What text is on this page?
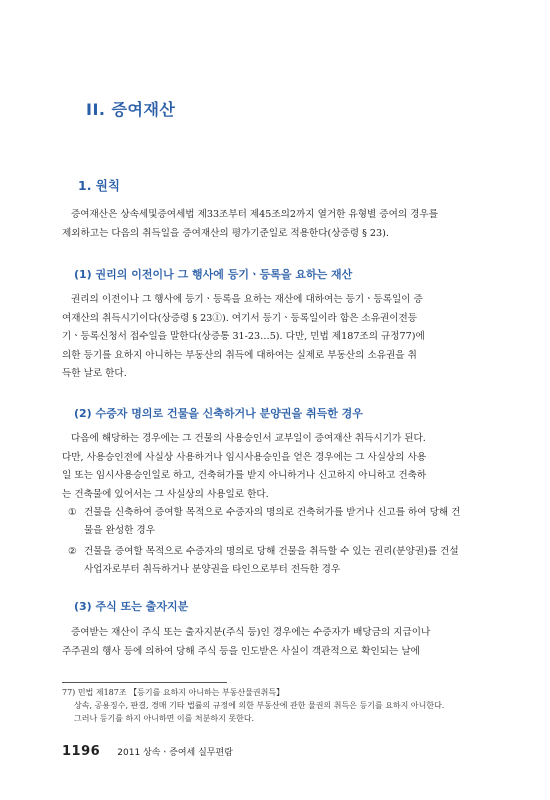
II. 증여재산
1. 원칙

증여재산은 상속세및증여세법 제33조부터 제45조의2까지 열거한 유형별 증여의 경우를
제외하고는 다음의 취득일을 증여재산의 평가기준일로 적용한다(상증령 § 23).

(1) 권리의 이전이나 그 행사에 등기ㆍ등록을 요하는 재산

권리의 이전이나 그 행사에 등기ㆍ등록을 요하는 재산에 대하여는 등기ㆍ등록일이 증
여재산의 취득시기이다(상증령 § 23①). 여기서 등기ㆍ등록일이라 함은 소유권이전등
기ㆍ등록신청서 접수일을 말한다(상증통 31-23…5). 다만, 민법 제187조의 규정77)에
의한 등기를 요하지 아니하는 부동산의 취득에 대하여는 실제로 부동산의 소유권을 취
득한 날로 한다.

(2) 수증자 명의로 건물을 신축하거나 분양권을 취득한 경우

다음에 해당하는 경우에는 그 건물의 사용승인서 교부일이 증여재산 취득시기가 된다.
다만, 사용승인전에 사실상 사용하거나 임시사용승인을 얻은 경우에는 그 사실상의 사용
일 또는 임시사용승인일로 하고, 건축허가를 받지 아니하거나 신고하지 아니하고 건축하
는 건축물에 있어서는 그 사실상의 사용일로 한다.

① 건물을 신축하여 증여할 목적으로 수증자의 명의로 건축허가를 받거나 신고를 하여 당해 건
물을 완성한 경우
② 건물을 증여할 목적으로 수증자의 명의로 당해 건물을 취득할 수 있는 권리(분양권)를 건설
사업자로부터 취득하거나 분양권을 타인으로부터 전득한 경우
(3) 주식 또는 출자지분

증여받는 재산이 주식 또는 출자지분(주식 등)인 경우에는 수증자가 배당금의 지급이나
주주권의 행사 등에 의하여 당해 주식 등을 인도받은 사실이 객관적으로 확인되는 날에

77) 민법 제187조 【등기를 요하지 아니하는 부동산물권취득】
상속, 공용징수, 판결, 경매 기타 법률의 규정에 의한 부동산에 관한 물권의 취득은 등기를 요하지 아니한다.
그러나 등기를 하지 아니하면 이를 처분하지 못한다.
1196 2011 상속ㆍ증여세 실무편람
